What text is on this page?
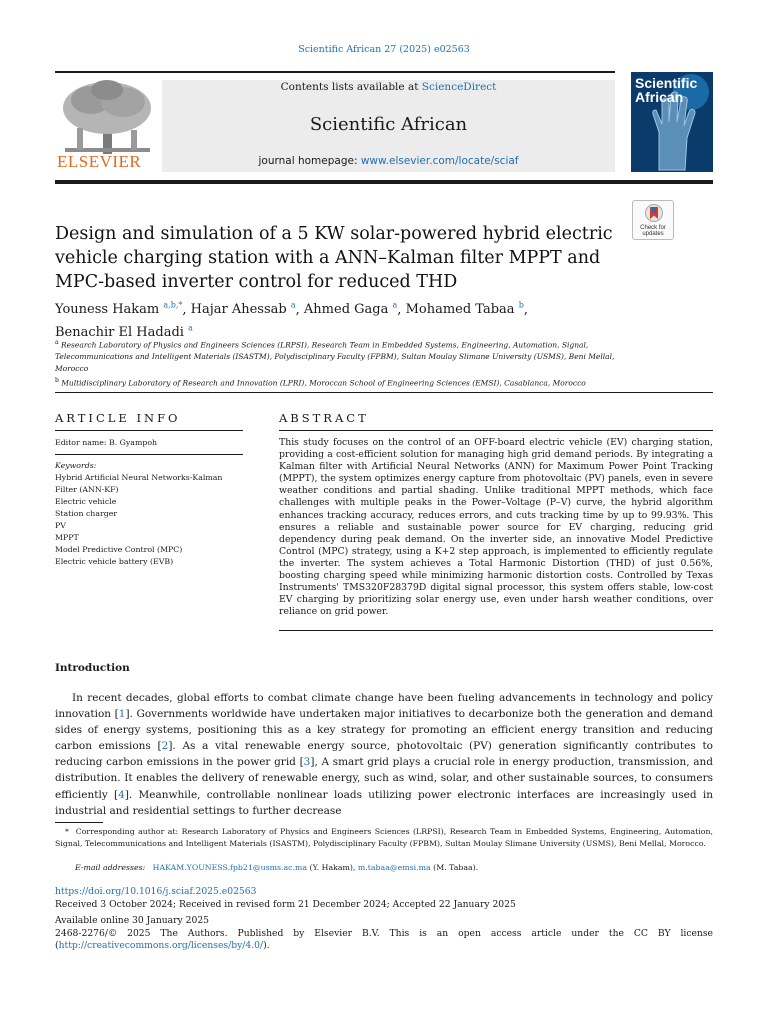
Scientific African 27 (2025) e02563
ELSEVIER
Contents lists available at ScienceDirect
Scientific African
journal homepage: www.elsevier.com/locate/sciaf
Scientific
African
Check for
updates
Design and simulation of a 5 KW solar-powered hybrid electric vehicle charging station with a ANN–Kalman filter MPPT and MPC-based inverter control for reduced THD
Youness Hakam $^{a,b,*}$, Hajar Ahessab $^a$, Ahmed Gaga $^a$, Mohamed Tabaa $^b$,
Benachir El Hadadi $^a$
$^a$ Research Laboratory of Physics and Engineers Sciences (LRPSI), Research Team in Embedded Systems, Engineering, Automation, Signal, Telecommunications and Intelligent Materials (ISASTM), Polydisciplinary Faculty (FPBM), Sultan Moulay Slimane University (USMS), Beni Mellal, Morocco
$^b$ Multidisciplinary Laboratory of Research and Innovation (LPRI), Moroccan School of Engineering Sciences (EMSI), Casablanca, Morocco
ARTICLE INFO
Editor name: B. Gyampoh
Keywords:
Hybrid Artificial Neural Networks-Kalman Filter (ANN-KF)
Electric vehicle
Station charger
PV
MPPT
Model Predictive Control (MPC)
Electric vehicle battery (EVB)
ABSTRACT

This study focuses on the control of an OFF-board electric vehicle (EV) charging station, providing a cost-efficient solution for managing high grid demand periods. By integrating a Kalman filter with Artificial Neural Networks (ANN) for Maximum Power Point Tracking (MPPT), the system optimizes energy capture from photovoltaic (PV) panels, even in severe weather conditions and partial shading. Unlike traditional MPPT methods, which face challenges with multiple peaks in the Power–Voltage (P–V) curve, the hybrid algorithm enhances tracking accuracy, reduces errors, and cuts tracking time by up to 99.93%. This ensures a reliable and sustainable power source for EV charging, reducing grid dependency during peak demand. On the inverter side, an innovative Model Predictive Control (MPC) strategy, using a K+2 step approach, is implemented to efficiently regulate the inverter. The system achieves a Total Harmonic Distortion (THD) of just 0.56%, boosting charging speed while minimizing harmonic distortion costs. Controlled by Texas Instruments' TMS320F28379D digital signal processor, this system offers stable, low-cost EV charging by prioritizing solar energy use, even under harsh weather conditions, over reliance on grid power.

Introduction

In recent decades, global efforts to combat climate change have been fueling advancements in technology and policy innovation [1]. Governments worldwide have undertaken major initiatives to decarbonize both the generation and demand sides of energy systems, positioning this as a key strategy for promoting an efficient energy transition and reducing carbon emissions [2]. As a vital renewable energy source, photovoltaic (PV) generation significantly contributes to reducing carbon emissions in the power grid [3], A smart grid plays a crucial role in energy production, transmission, and distribution. It enables the delivery of renewable energy, such as wind, solar, and other sustainable sources, to consumers efficiently [4]. Meanwhile, controllable nonlinear loads utilizing power electronic interfaces are increasingly used in industrial and residential settings to further decrease

* Corresponding author at: Research Laboratory of Physics and Engineers Sciences (LRPSI), Research Team in Embedded Systems, Engineering, Automation, Signal, Telecommunications and Intelligent Materials (ISASTM), Polydisciplinary Faculty (FPBM), Sultan Moulay Slimane University (USMS), Beni Mellal, Morocco.

E-mail addresses: HAKAM.YOUNESS.fpb21@usms.ac.ma (Y. Hakam), m.tabaa@emsi.ma (M. Tabaa).

https://doi.org/10.1016/j.sciaf.2025.e02563
Received 3 October 2024; Received in revised form 21 December 2024; Accepted 22 January 2025
Available online 30 January 2025
2468-2276/© 2025 The Authors. Published by Elsevier B.V. This is an open access article under the CC BY license
(http://creativecommons.org/licenses/by/4.0/).
